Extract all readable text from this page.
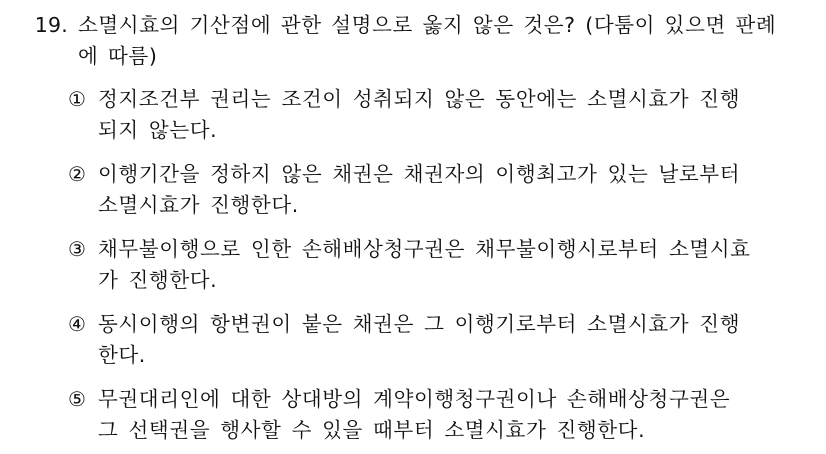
19. 소멸시효의 기산점에 관한 설명으로 옳지 않은 것은? (다툼이 있으면 판례에 따름)
① 정지조건부 권리는 조건이 성취되지 않은 동안에는 소멸시효가 진행되지 않는다.
② 이행기간을 정하지 않은 채권은 채권자의 이행최고가 있는 날로부터 소멸시효가 진행한다.
③ 채무불이행으로 인한 손해배상청구권은 채무불이행시로부터 소멸시효가 진행한다.
④ 동시이행의 항변권이 붙은 채권은 그 이행기로부터 소멸시효가 진행한다.
⑤ 무권대리인에 대한 상대방의 계약이행청구권이나 손해배상청구권은 그 선택권을 행사할 수 있을 때부터 소멸시효가 진행한다.
